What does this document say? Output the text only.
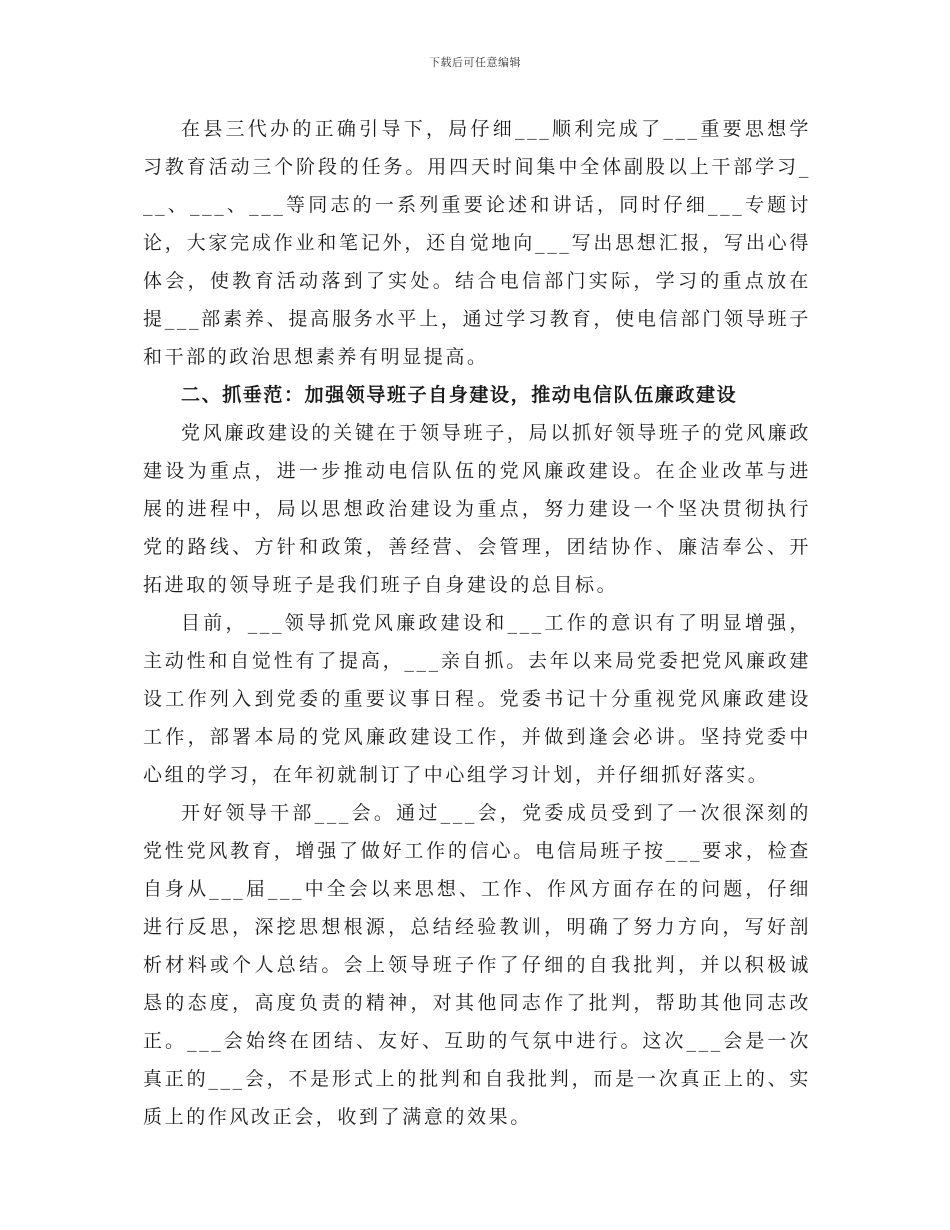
下载后可任意编辑

在县三代办的正确引导下，局仔细___顺利完成了___重要思想学习教育活动三个阶段的任务。用四天时间集中全体副股以上干部学习___、___、___等同志的一系列重要论述和讲话，同时仔细___专题讨论，大家完成作业和笔记外，还自觉地向___写出思想汇报，写出心得体会，使教育活动落到了实处。结合电信部门实际，学习的重点放在提___部素养、提高服务水平上，通过学习教育，使电信部门领导班子和干部的政治思想素养有明显提高。

二、抓垂范：加强领导班子自身建设，推动电信队伍廉政建设

党风廉政建设的关键在于领导班子，局以抓好领导班子的党风廉政建设为重点，进一步推动电信队伍的党风廉政建设。在企业改革与进展的进程中，局以思想政治建设为重点，努力建设一个坚决贯彻执行党的路线、方针和政策，善经营、会管理，团结协作、廉洁奉公、开拓进取的领导班子是我们班子自身建设的总目标。

目前，___领导抓党风廉政建设和___工作的意识有了明显增强，主动性和自觉性有了提高，___亲自抓。去年以来局党委把党风廉政建设工作列入到党委的重要议事日程。党委书记十分重视党风廉政建设工作，部署本局的党风廉政建设工作，并做到逢会必讲。坚持党委中心组的学习，在年初就制订了中心组学习计划，并仔细抓好落实。

开好领导干部___会。通过___会，党委成员受到了一次很深刻的党性党风教育，增强了做好工作的信心。电信局班子按___要求，检查自身从___届___中全会以来思想、工作、作风方面存在的问题，仔细进行反思，深挖思想根源，总结经验教训，明确了努力方向，写好剖析材料或个人总结。会上领导班子作了仔细的自我批判，并以积极诚恳的态度，高度负责的精神，对其他同志作了批判，帮助其他同志改正。___会始终在团结、友好、互助的气氛中进行。这次___会是一次真正的___会，不是形式上的批判和自我批判，而是一次真正上的、实质上的作风改正会，收到了满意的效果。
